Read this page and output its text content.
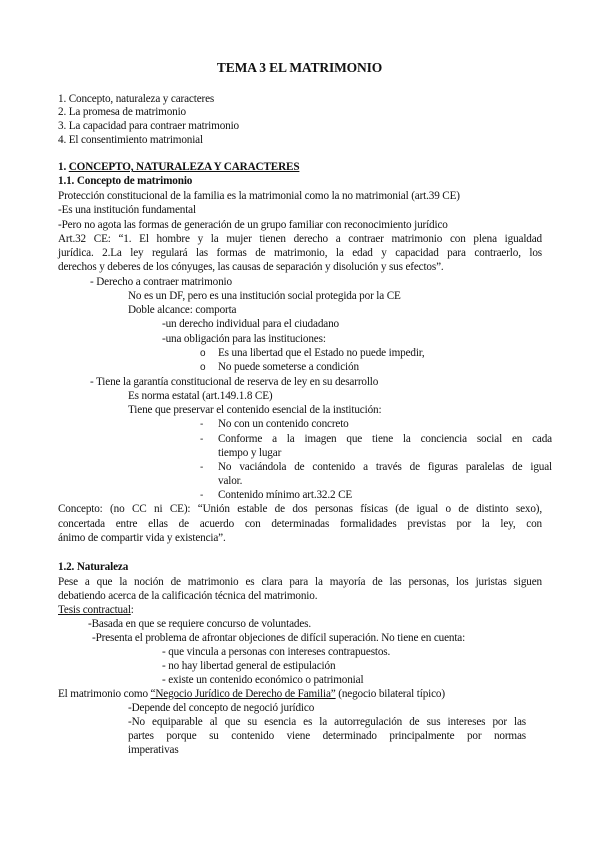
TEMA 3 EL MATRIMONIO
1. Concepto, naturaleza y caracteres
2. La promesa de matrimonio
3. La capacidad para contraer matrimonio
4. El consentimiento matrimonial
1. CONCEPTO, NATURALEZA Y CARACTERES
1.1. Concepto de matrimonio
Protección constitucional de la familia es la matrimonial como la no matrimonial (art.39 CE)
-Es una institución fundamental
-Pero no agota las formas de generación de un grupo familiar con reconocimiento jurídico
Art.32 CE: “1. El hombre y la mujer tienen derecho a contraer matrimonio con plena igualdad
jurídica. 2.La ley regulará las formas de matrimonio, la edad y capacidad para contraerlo, los
derechos y deberes de los cónyuges, las causas de separación y disolución y sus efectos”.
- Derecho a contraer matrimonio
No es un DF, pero es una institución social protegida por la CE
Doble alcance: comporta
-un derecho individual para el ciudadano
-una obligación para las instituciones:
o Es una libertad que el Estado no puede impedir,
o No puede someterse a condición
- Tiene la garantía constitucional de reserva de ley en su desarrollo
Es norma estatal (art.149.1.8 CE)
Tiene que preservar el contenido esencial de la institución:
- No con un contenido concreto
- Conforme a la imagen que tiene la conciencia social en cada
tiempo y lugar
- No vaciándola de contenido a través de figuras paralelas de igual
valor.
- Contenido mínimo art.32.2 CE
Concepto: (no CC ni CE): “Unión estable de dos personas físicas (de igual o de distinto sexo),
concertada entre ellas de acuerdo con determinadas formalidades previstas por la ley, con
ánimo de compartir vida y existencia”.
1.2. Naturaleza
Pese a que la noción de matrimonio es clara para la mayoría de las personas, los juristas siguen
debatiendo acerca de la calificación técnica del matrimonio.
Tesis contractual:
-Basada en que se requiere concurso de voluntades.
-Presenta el problema de afrontar objeciones de difícil superación. No tiene en cuenta:
- que vincula a personas con intereses contrapuestos.
- no hay libertad general de estipulación
- existe un contenido económico o patrimonial
El matrimonio como “Negocio Jurídico de Derecho de Familia” (negocio bilateral típico)
-Depende del concepto de negoció jurídico
-No equiparable al que su esencia es la autorregulación de sus intereses por las
partes porque su contenido viene determinado principalmente por normas
imperativas
